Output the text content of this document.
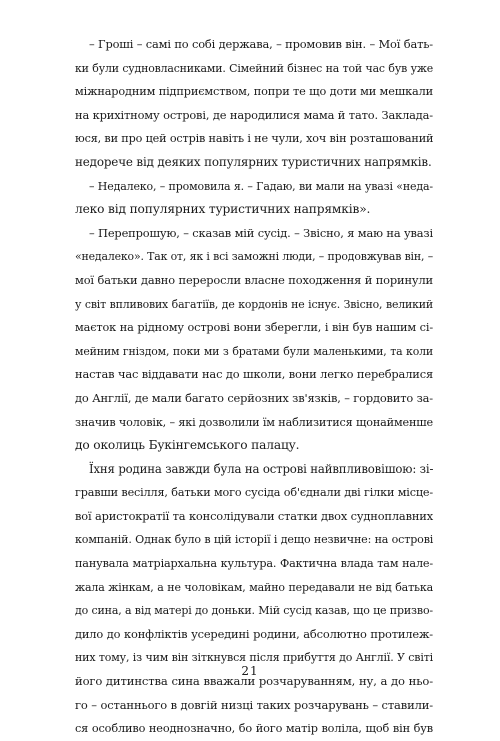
– Гроші – самі по собі держава, – промовив він. – Мої бать-
ки були судновласниками. Сімейний бізнес на той час був уже
міжнародним підприємством, попри те що доти ми мешкали
на крихітному острові, де народилися мама й тато. Заклада-
юся, ви про цей острів навіть і не чули, хоч він розташований
недорече від деяких популярних туристичних напрямків.
– Недалеко, – промовила я. – Гадаю, ви мали на увазі «неда-
леко від популярних туристичних напрямків».
– Перепрошую, – сказав мій сусід. – Звісно, я маю на увазі
«недалеко». Так от, як і всі заможні люди, – продовжував він, –
мої батьки давно переросли власне походження й поринули
у світ впливових багатіїв, де кордонів не існує. Звісно, великий
маєток на рідному острові вони зберегли, і він був нашим сі-
мейним гніздом, поки ми з братами були маленькими, та коли
настав час віддавати нас до школи, вони легко перебралися
до Англії, де мали багато серйозних зв'язків, – гордовито за-
значив чоловік, – які дозволили їм наблизитися щонайменше
до околиць Букінгемського палацу.
Їхня родина завжди була на острові найвпливовішою: зі-
гравши весілля, батьки мого сусіда об'єднали дві гілки місце-
вої аристократії та консолідували статки двох судноплавних
компаній. Однак було в цій історії і дещо незвичне: на острові
панувала матріархальна культура. Фактична влада там нале-
жала жінкам, а не чоловікам, майно передавали не від батька
до сина, а від матері до доньки. Мій сусід казав, що це призво-
дило до конфліктів усередині родини, абсолютно протилеж-
них тому, із чим він зіткнувся після прибуття до Англії. У світі
його дитинства сина вважали розчаруванням, ну, а до ньо-
го – останнього в довгій низці таких розчарувань – ставили-
ся особливо неоднозначно, бо його матір воліла, щоб він був
21
